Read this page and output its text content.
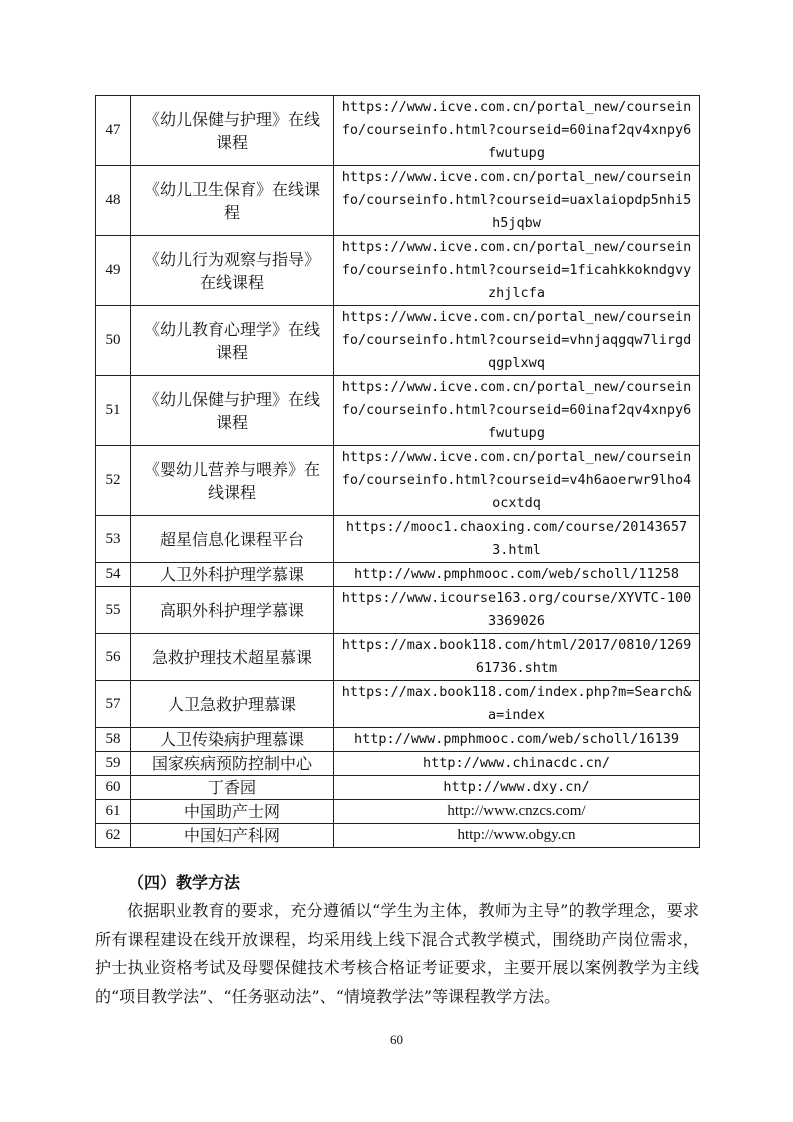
47	《幼儿保健与护理》在线课程	https://www.icve.com.cn/portal_new/courseinfo/courseinfo.html?courseid=60inaf2qv4xnpy6fwutupg
48	《幼儿卫生保育》在线课程	https://www.icve.com.cn/portal_new/courseinfo/courseinfo.html?courseid=uaxlaiopdp5nhi5h5jqbw
49	《幼儿行为观察与指导》在线课程	https://www.icve.com.cn/portal_new/courseinfo/courseinfo.html?courseid=1ficahkkokndgvyzhjlcfa
50	《幼儿教育心理学》在线课程	https://www.icve.com.cn/portal_new/courseinfo/courseinfo.html?courseid=vhnjaqgqw7lirgdqgplxwq
51	《幼儿保健与护理》在线课程	https://www.icve.com.cn/portal_new/courseinfo/courseinfo.html?courseid=60inaf2qv4xnpy6fwutupg
52	《婴幼儿营养与喂养》在线课程	https://www.icve.com.cn/portal_new/courseinfo/courseinfo.html?courseid=v4h6aoerwr9lho4ocxtdq
53	超星信息化课程平台	https://mooc1.chaoxing.com/course/201436573.html
54	人卫外科护理学慕课	http://www.pmphmooc.com/web/scholl/11258
55	高职外科护理学慕课	https://www.icourse163.org/course/XYVTC-1003369026
56	急救护理技术超星慕课	https://max.book118.com/html/2017/0810/126961736.shtm
57	人卫急救护理慕课	https://max.book118.com/index.php?m=Search&a=index
58	人卫传染病护理慕课	http://www.pmphmooc.com/web/scholl/16139
59	国家疾病预防控制中心	http://www.chinacdc.cn/
60	丁香园	http://www.dxy.cn/
61	中国助产士网	http://www.cnzcs.com/
62	中国妇产科网	http://www.obgy.cn
（四）教学方法

依据职业教育的要求，充分遵循以“学生为主体，教师为主导”的教学理念，要求所有课程建设在线开放课程，均采用线上线下混合式教学模式，围绕助产岗位需求，护士执业资格考试及母婴保健技术考核合格证考证要求，主要开展以案例教学为主线的“项目教学法”、“任务驱动法”、“情境教学法”等课程教学方法。

60
